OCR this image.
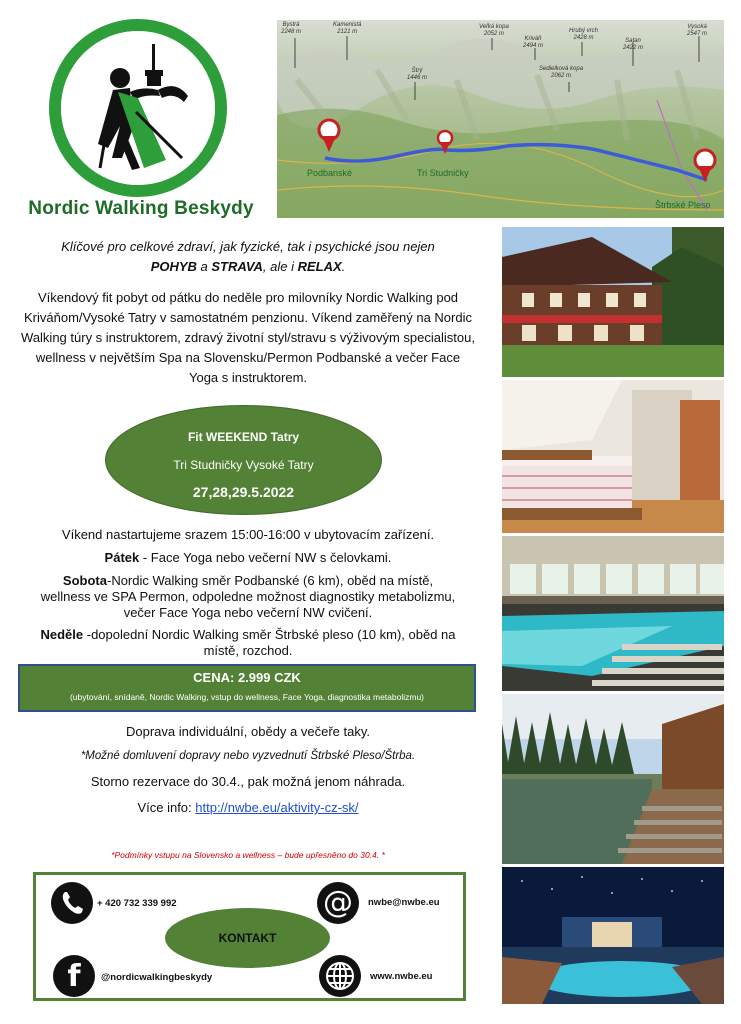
Nordic Walking Beskydy
Bystrá
2248 m
Kamenistá
2121 m
Štrý
1446 m
Veľká kopa
2052 m
Kriváň
2494 m
Hrubý vrch
2428 m
Sedielková kopa
2062 m
Satan
2422 m
Vysoká
2547 m
Podbanské	Tri Studničky
Štrbské Pleso
Klíčové pro celkové zdraví, jak fyzické, tak i psychické jsou nejen
POHYB a STRAVA, ale i RELAX.
Víkendový fit pobyt od pátku do neděle pro milovníky Nordic Walking pod Kriváňom/Vysoké Tatry v samostatném penzionu. Víkend zaměřený na Nordic Walking túry s instruktorem, zdravý životní styl/stravu s výživovým specialistou, wellness v největším Spa na Slovensku/Permon Podbanské a večer Face Yoga s instruktorem.
Fit WEEKEND Tatry
Tri Studničky Vysoké Tatry
27,28,29.5.2022
Víkend nastartujeme srazem 15:00-16:00 v ubytovacím zařízení.
Pátek - Face Yoga nebo večerní NW s čelovkami.
Sobota-Nordic Walking směr Podbanské (6 km), oběd na místě, wellness ve SPA Permon, odpoledne možnost diagnostiky metabolizmu, večer Face Yoga nebo večerní NW cvičení.
Neděle -dopolední Nordic Walking směr Štrbské pleso (10 km), oběd na místě, rozchod.
CENA: 2.999 CZK
(ubytování, snídaně, Nordic Walking, vstup do wellness, Face Yoga, diagnostika metabolizmu)
Doprava individuální, obědy a večeře taky.
*Možné domluvení dopravy nebo vyzvednutí Štrbské Pleso/Štrba.
Storno rezervace do 30.4., pak možná jenom náhrada.
Více info: http://nwbe.eu/aktivity-cz-sk/
*Podmínky vstupu na Slovensko a wellness – bude upřesněno do 30.4. *
+ 420 732 339 992	@	nwbe@nwbe.eu
KONTAKT
f	@nordicwalkingbeskydy	www.nwbe.eu
